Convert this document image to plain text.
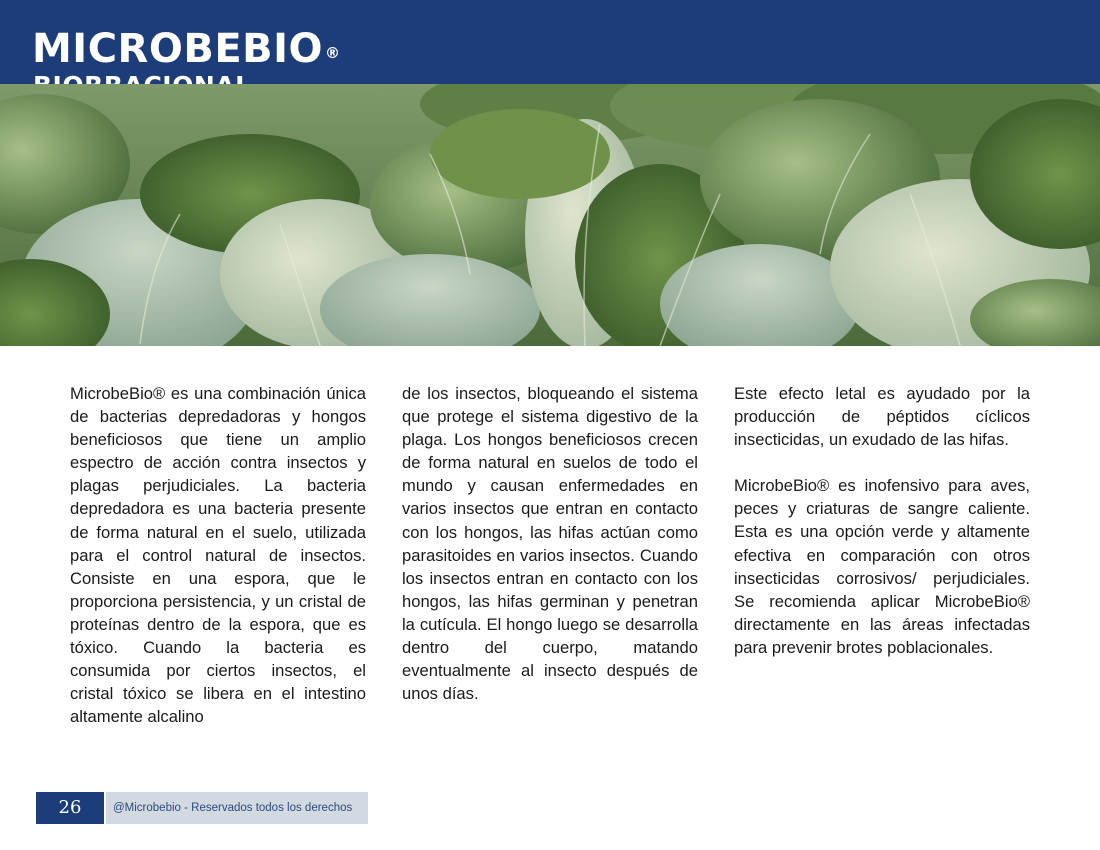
MICROBEBIO ®

MicrobeBio® es una combinación única de bacterias depredadoras y hongos beneficiosos que tiene un amplio espectro de acción contra insectos y plagas perjudiciales. La bacteria depredadora es una bacteria presente de forma natural en el suelo, utilizada para el control natural de insectos. Consiste en una espora, que le proporciona persistencia, y un cristal de proteínas dentro de la espora, que es tóxico. Cuando la bacteria es consumida por ciertos insectos, el cristal tóxico se libera en el intestino altamente alcalino

de los insectos, bloqueando el sistema que protege el sistema digestivo de la plaga. Los hongos beneficiosos crecen de forma natural en suelos de todo el mundo y causan enfermedades en varios insectos que entran en contacto con los hongos, las hifas actúan como parasitoides en varios insectos. Cuando los insectos entran en contacto con los hongos, las hifas germinan y penetran la cutícula. El hongo luego se desarrolla dentro del cuerpo, matando eventualmente al insecto después de unos días.

Este efecto letal es ayudado por la producción de péptidos cíclicos insecticidas, un exudado de las hifas.

MicrobeBio® es inofensivo para aves, peces y criaturas de sangre caliente. Esta es una opción verde y altamente efectiva en comparación con otros insecticidas corrosivos/ perjudiciales. Se recomienda aplicar MicrobeBio® directamente en las áreas infectadas para prevenir brotes poblacionales.

26	@Microbebio - Reservados todos los derechos
